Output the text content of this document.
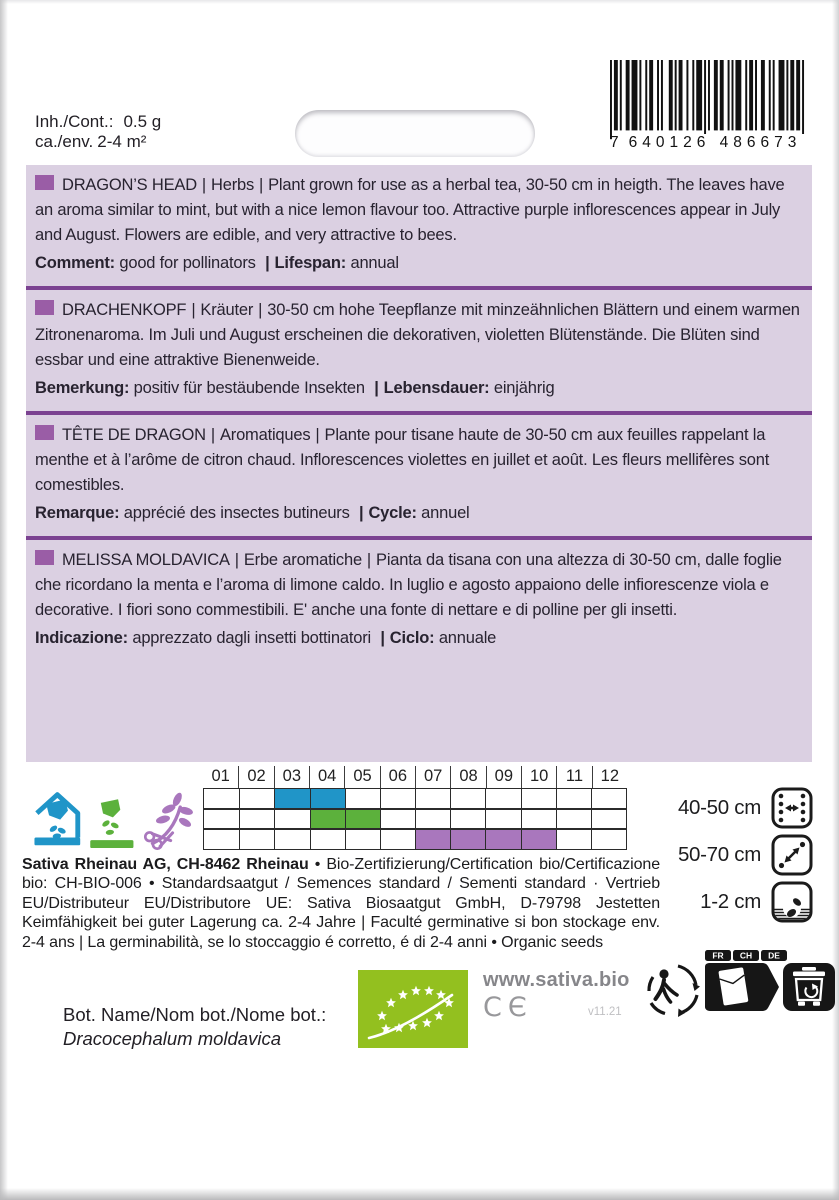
Inh./Cont.: 0.5 g
ca./env. 2-4 m²	7 640126 486673
DRAGON’S HEAD | Herbs | Plant grown for use as a herbal tea, 30-50 cm in heigth. The leaves have an aroma similar to mint, but with a nice lemon flavour too. Attractive purple inflorescences appear in July and August. Flowers are edible, and very attractive to bees.
Comment: good for pollinators | Lifespan: annual
DRACHENKOPF | Kräuter | 30-50 cm hohe Teepflanze mit minzeähnlichen Blättern und einem warmen Zitronenaroma. Im Juli und August erscheinen die dekorativen, violetten Blütenstände. Die Blüten sind essbar und eine attraktive Bienenweide.
Bemerkung: positiv für bestäubende Insekten | Lebensdauer: einjährig
TÊTE DE DRAGON | Aromatiques | Plante pour tisane haute de 30-50 cm aux feuilles rappelant la menthe et à l’arôme de citron chaud. Inflorescences violettes en juillet et août. Les fleurs mellifères sont comestibles.
Remarque: apprécié des insectes butineurs | Cycle: annuel
MELISSA MOLDAVICA | Erbe aromatiche | Pianta da tisana con una altezza di 30-50 cm, dalle foglie che ricordano la menta e l’aroma di limone caldo. In luglio e agosto appaiono delle infiorescenze viola e decorative. I fiori sono commestibili. E' anche una fonte di nettare e di polline per gli insetti.
Indicazione: apprezzato dagli insetti bottinatori | Ciclo: annuale
01	02	03	04	05	06	07	08	09	10	11	12
40-50 cm
50-70 cm
1-2 cm
Sativa Rheinau AG, CH-8462 Rheinau • Bio-Zertifizierung/Certification bio/Certificazione bio: CH-BIO-006 • Standardsaatgut / Semences standard / Sementi standard · Vertrieb EU/Distributeur EU/Distributore UE: Sativa Biosaatgut GmbH, D-79798 Jestetten Keimfähigkeit bei guter Lagerung ca. 2-4 Jahre | Faculté germinative si bon stockage env. 2-4 ans | La germinabilità, se lo stoccaggio é corretto, é di 2-4 anni • Organic seeds
www.sativa.bio
CЄ	v11.21
FR CH DE
Bot. Name/Nom bot./Nome bot.:
Dracocephalum moldavica
